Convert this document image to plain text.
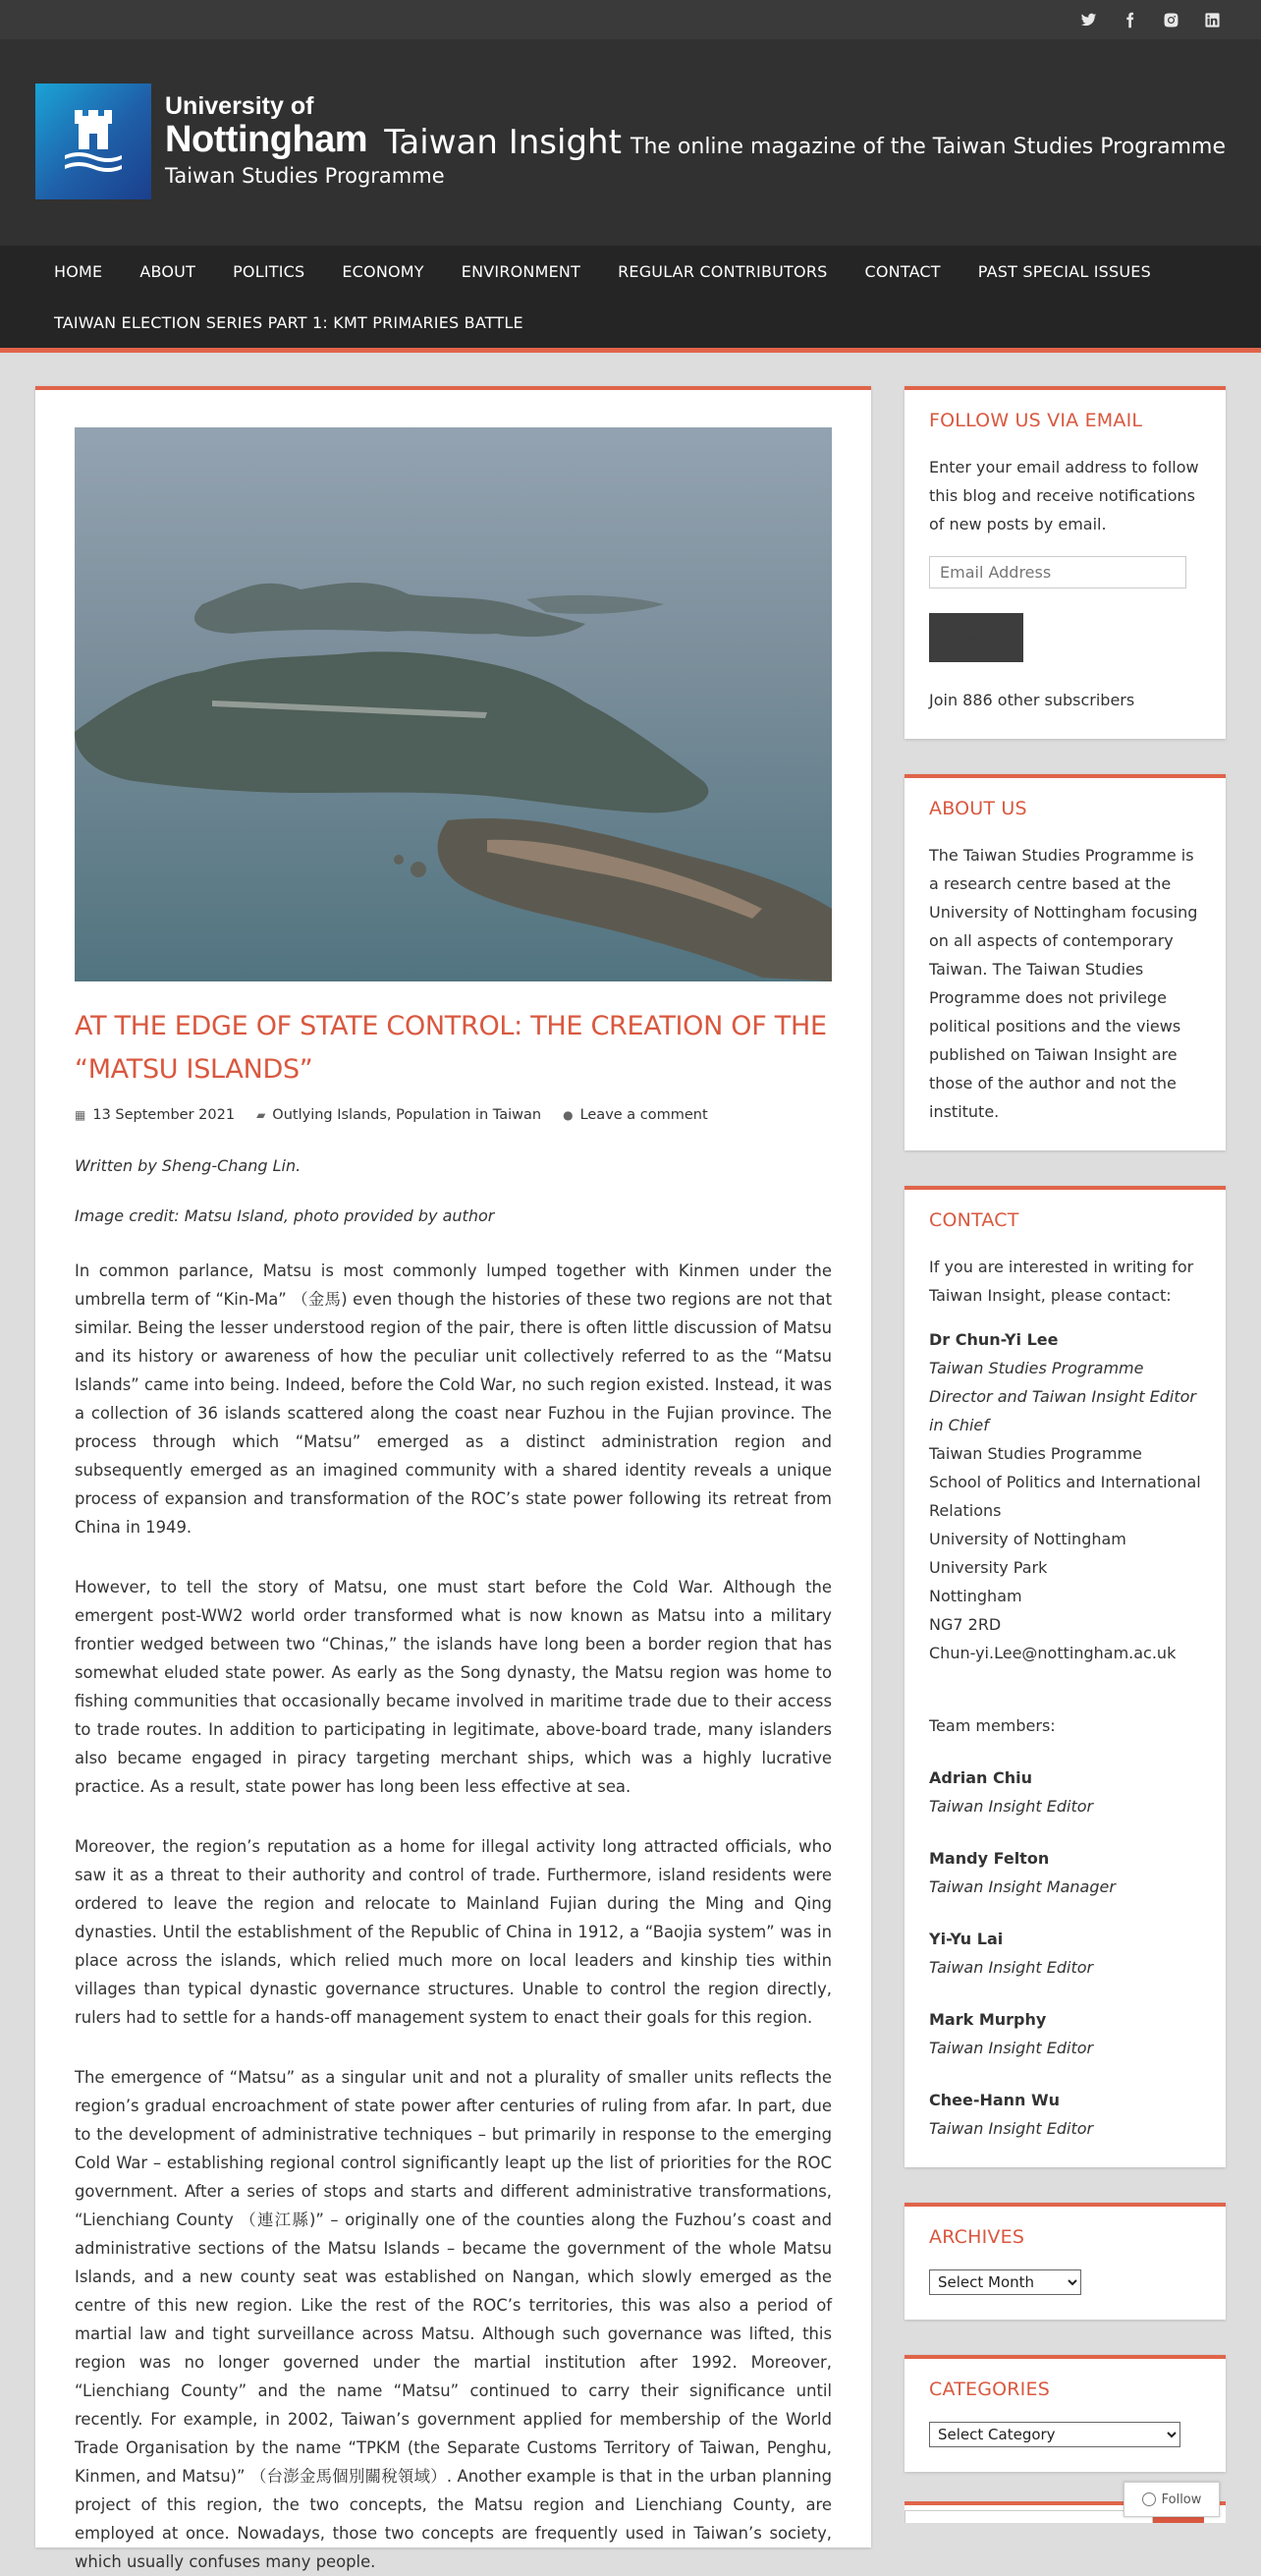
University of
Nottingham
Taiwan Studies Programme
Taiwan Insight The online magazine of the Taiwan Studies Programme
HOME	ABOUT	POLITICS	ECONOMY	ENVIRONMENT	REGULAR CONTRIBUTORS	CONTACT	PAST SPECIAL ISSUES
TAIWAN ELECTION SERIES PART 1: KMT PRIMARIES BATTLE
AT THE EDGE OF STATE CONTROL: THE CREATION OF THE “MATSU ISLANDS”
▦ 13 September 2021 ▰ Outlying Islands ,
Population in Taiwan ● Leave a comment

Written by Sheng-Chang Lin.

Image credit: Matsu Island, photo provided by author

In common parlance, Matsu is most commonly lumped together with Kinmen under the umbrella term of “Kin-Ma” （金馬) even though the histories of these two regions are not that similar. Being the lesser understood region of the pair, there is often little discussion of Matsu and its history or awareness of how the peculiar unit collectively referred to as the “Matsu Islands” came into being. Indeed, before the Cold War, no such region existed. Instead, it was a collection of 36 islands scattered along the coast near Fuzhou in the Fujian province. The process through which “Matsu” emerged as a distinct administration region and subsequently emerged as an imagined community with a shared identity reveals a unique process of expansion and transformation of the ROC’s state power following its retreat from China in 1949.

However, to tell the story of Matsu, one must start before the Cold War. Although the emergent post-WW2 world order transformed what is now known as Matsu into a military frontier wedged between two “Chinas,” the islands have long been a border region that has somewhat eluded state power. As early as the Song dynasty, the Matsu region was home to fishing communities that occasionally became involved in maritime trade due to their access to trade routes. In addition to participating in legitimate, above-board trade, many islanders also became engaged in piracy targeting merchant ships, which was a highly lucrative practice. As a result, state power has long been less effective at sea.

Moreover, the region’s reputation as a home for illegal activity long attracted officials, who saw it as a threat to their authority and control of trade. Furthermore, island residents were ordered to leave the region and relocate to Mainland Fujian during the Ming and Qing dynasties. Until the establishment of the Republic of China in 1912, a “Baojia system” was in place across the islands, which relied much more on local leaders and kinship ties within villages than typical dynastic governance structures. Unable to control the region directly, rulers had to settle for a hands-off management system to enact their goals for this region.

The emergence of “Matsu” as a singular unit and not a plurality of smaller units reflects the region’s gradual encroachment of state power after centuries of ruling from afar. In part, due to the development of administrative techniques – but primarily in response to the emerging Cold War – establishing regional control significantly leapt up the list of priorities for the ROC government. After a series of stops and starts and different administrative transformations, “Lienchiang County （連江縣)” – originally one of the counties along the Fuzhou’s coast and administrative sections of the Matsu Islands – became the government of the whole Matsu Islands, and a new county seat was established on Nangan, which slowly emerged as the centre of this new region. Like the rest of the ROC’s territories, this was also a period of martial law and tight surveillance across Matsu. Although such governance was lifted, this region was no longer governed under the martial institution after 1992. Moreover, “Lienchiang County” and the name “Matsu” continued to carry their significance until recently. For example, in 2002, Taiwan’s government applied for membership of the World Trade Organisation by the name “TPKM (the Separate Customs Territory of Taiwan, Penghu, Kinmen, and Matsu)” （台澎金馬個別關稅領域）. Another example is that in the urban planning project of this region, the two concepts, the Matsu region and Lienchiang County, are employed at once. Nowadays, those two concepts are frequently used in Taiwan’s society, which usually confuses many people.

FOLLOW US VIA EMAIL

Enter your email address to follow this blog and receive notifications of new posts by email.

Email Address
Subscribe

Join 886 other subscribers

ABOUT US

The Taiwan Studies Programme is a research centre based at the University of Nottingham focusing on all aspects of contemporary Taiwan. The Taiwan Studies Programme does not privilege political positions and the views published on Taiwan Insight are those of the author and not the institute.

CONTACT

If you are interested in writing for Taiwan Insight, please contact:

Dr Chun-Yi Lee
Taiwan Studies Programme Director and Taiwan Insight Editor in Chief
Taiwan Studies Programme
School of Politics and International Relations
University of Nottingham
University Park
Nottingham
NG7 2RD
Chun-yi.Lee@nottingham.ac.uk
Team members:
Adrian Chiu
Taiwan Insight Editor
Mandy Felton
Taiwan Insight Manager
Yi-Yu Lai
Taiwan Insight Editor
Mark Murphy
Taiwan Insight Editor
Chee-Hann Wu
Taiwan Insight Editor
ARCHIVES
Select Month
CATEGORIES
Select Category
Follow
